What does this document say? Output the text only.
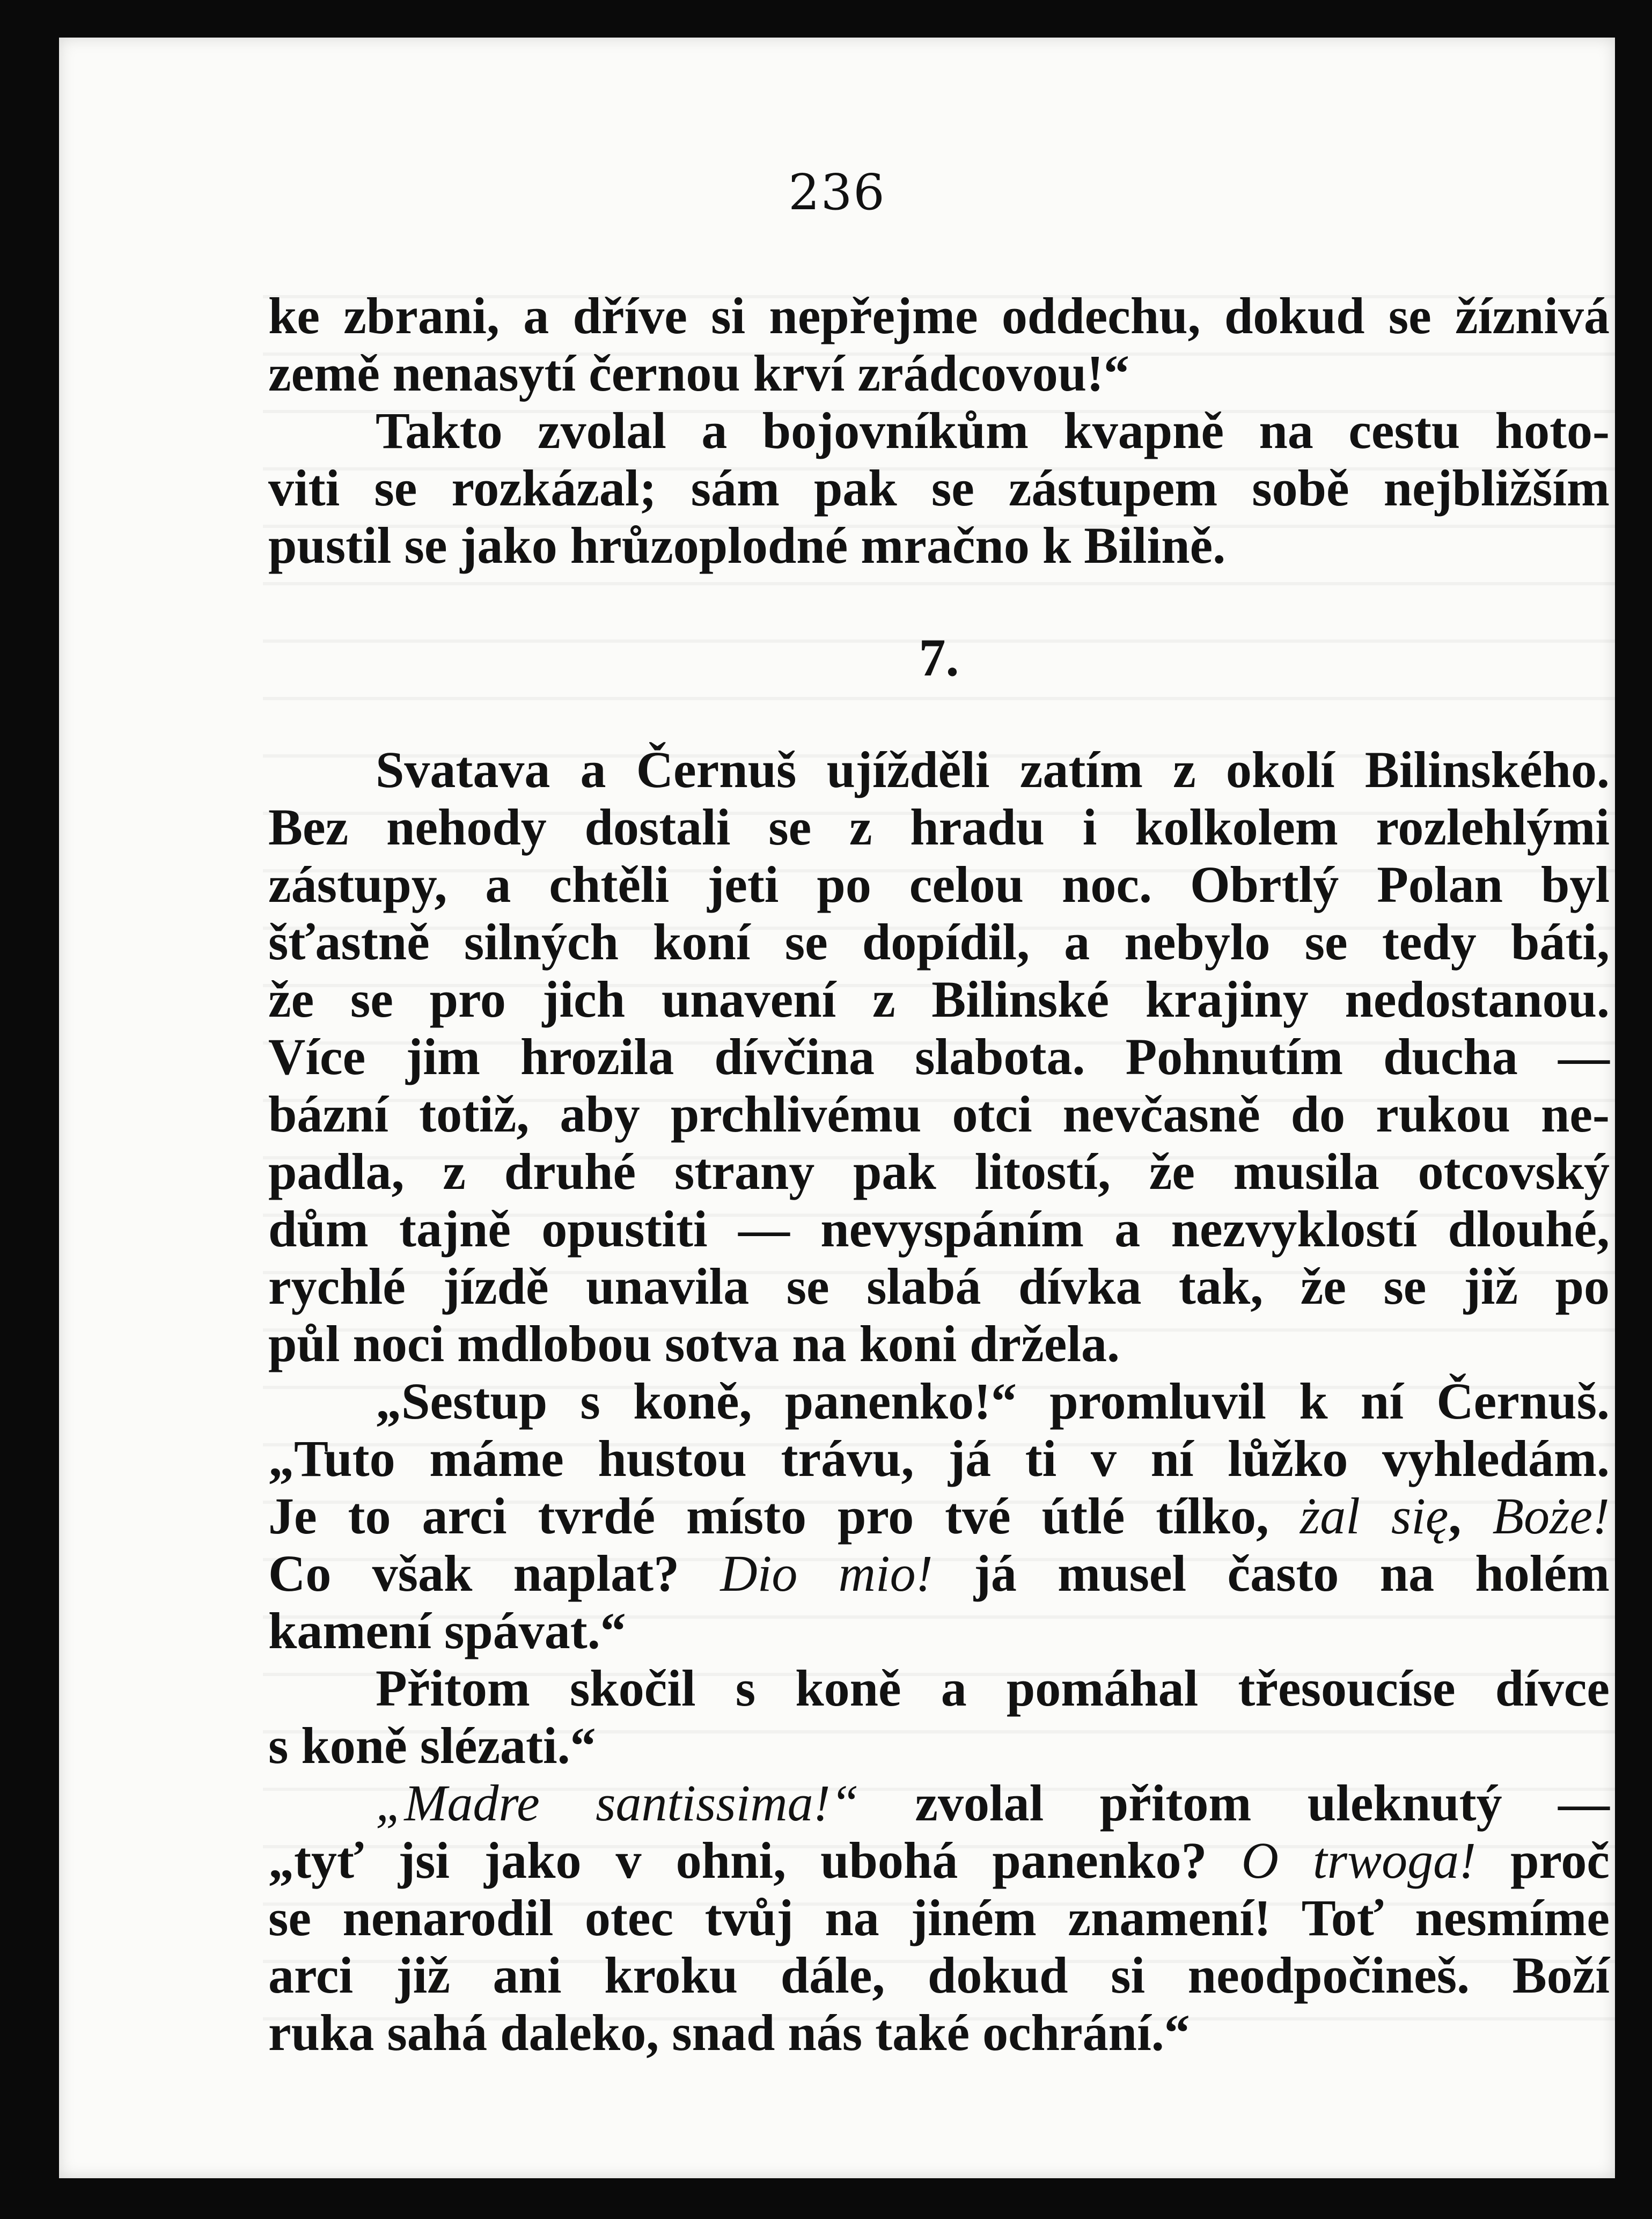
236
ke zbrani, a dříve si nepřejme oddechu, dokud se žíznivá
země nenasytí černou krví zrádcovou!“
Takto zvolal a bojovníkům kvapně na cestu hoto-
viti se rozkázal; sám pak se zástupem sobě nejbližším
pustil se jako hrůzoplodné mračno k Bilině.
7.
Svatava a Černuš ujížděli zatím z okolí Bilinského.
Bez nehody dostali se z hradu i kolkolem rozlehlými
zástupy, a chtěli jeti po celou noc. Obrtlý Polan byl
šťastně silných koní se dopídil, a nebylo se tedy báti,
že se pro jich unavení z Bilinské krajiny nedostanou.
Více jim hrozila dívčina slabota. Pohnutím ducha —
bázní totiž, aby prchlivému otci nevčasně do rukou ne-
padla, z druhé strany pak litostí, že musila otcovský
dům tajně opustiti — nevyspáním a nezvyklostí dlouhé,
rychlé jízdě unavila se slabá dívka tak, že se již po
půl noci mdlobou sotva na koni držela.
„Sestup s koně, panenko!“ promluvil k ní Černuš.
„Tuto máme hustou trávu, já ti v ní lůžko vyhledám.
Je to arci tvrdé místo pro tvé útlé tílko, żal się, Boże!
Co však naplat? Dio mio! já musel často na holém
kamení spávat.“
Přitom skočil s koně a pomáhal třesoucíse dívce
s koně slézati.“
„Madre santissima!“ zvolal přitom uleknutý —
„tyť jsi jako v ohni, ubohá panenko? O trwoga! proč
se nenarodil otec tvůj na jiném znamení! Toť nesmíme
arci již ani kroku dále, dokud si neodpočineš. Boží
ruka sahá daleko, snad nás také ochrání.“
